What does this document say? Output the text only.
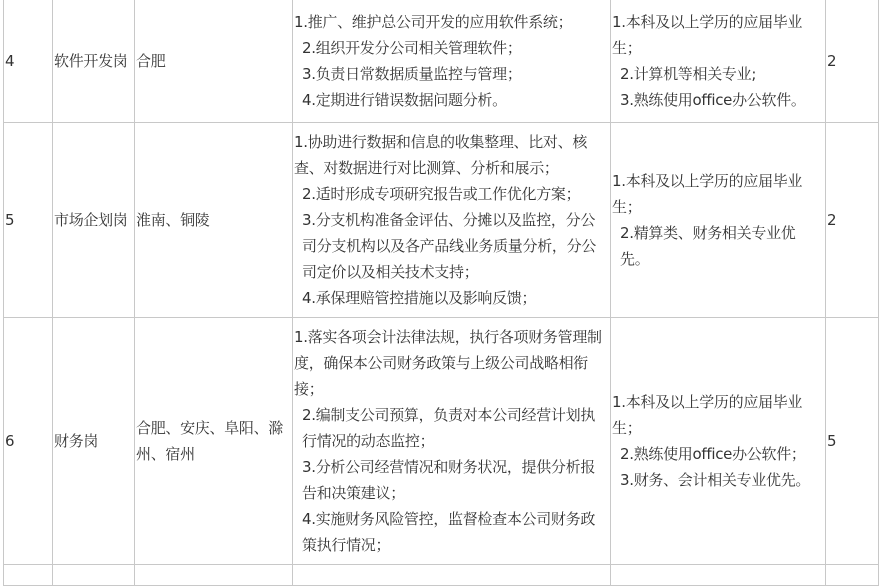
4	软件开发岗	合肥	1.推广、维护总公司开发的应用软件系统；
2.组织开发分公司相关管理软件；
3.负责日常数据质量监控与管理；
4.定期进行错误数据问题分析。	1.本科及以上学历的应届毕业生；
2.计算机等相关专业;
3.熟练使用office办公软件。	2
5	市场企划岗	淮南、铜陵	1.协助进行数据和信息的收集整理、比对、核查、对数据进行对比测算、分析和展示；
2.适时形成专项研究报告或工作优化方案；
3.分支机构准备金评估、分摊以及监控，分公司分支机构以及各产品线业务质量分析，分公司定价以及相关技术支持；
4.承保理赔管控措施以及影响反馈；	1.本科及以上学历的应届毕业生；
2.精算类、财务相关专业优先。	2
6	财务岗	合肥、安庆、阜阳、滁州、宿州	1.落实各项会计法律法规，执行各项财务管理制度，确保本公司财务政策与上级公司战略相衔接；
2.编制支公司预算，负责对本公司经营计划执行情况的动态监控；
3.分析公司经营情况和财务状况，提供分析报告和决策建议；
4.实施财务风险管控，监督检查本公司财务政策执行情况；	1.本科及以上学历的应届毕业生；
2.熟练使用office办公软件；
3.财务、会计相关专业优先。	5
